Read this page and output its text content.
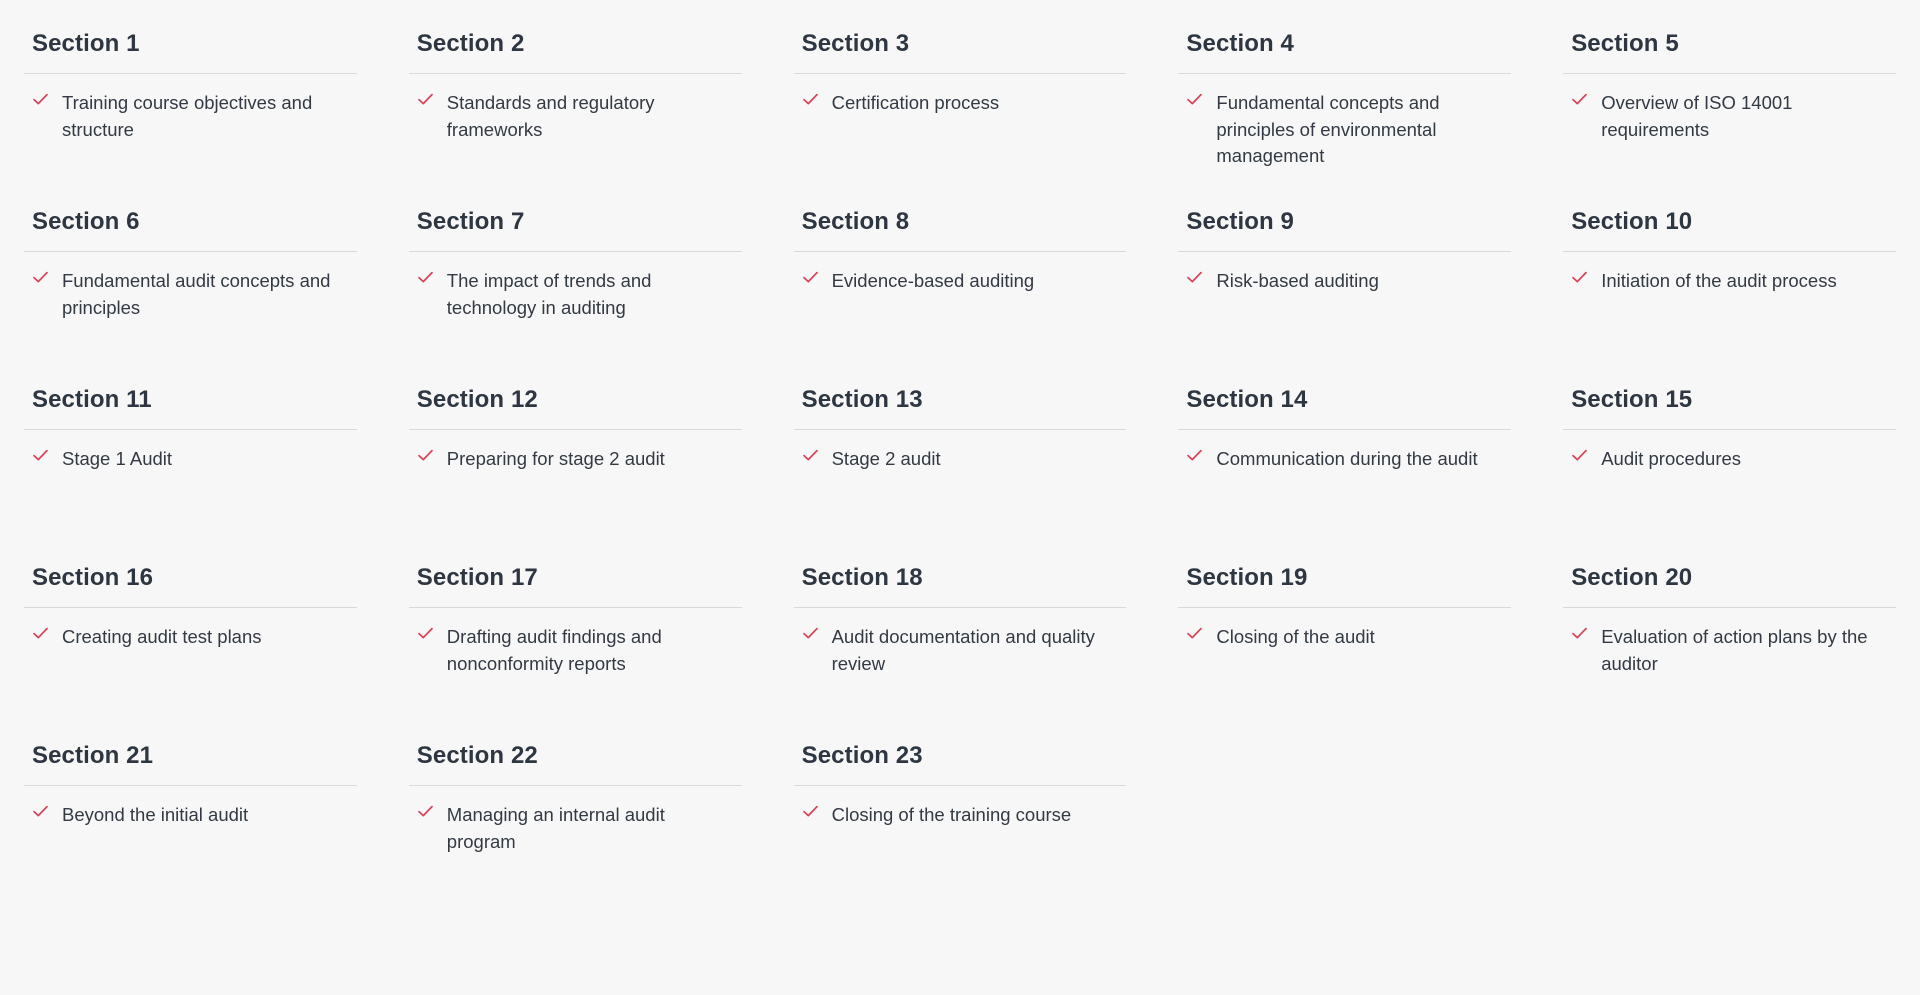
Section 1
Training course objectives and structure
Section 2
Standards and regulatory frameworks
Section 3
Certification process
Section 4
Fundamental concepts and principles of environmental management
Section 5
Overview of ISO 14001 requirements
Section 6
Fundamental audit concepts and principles
Section 7
The impact of trends and technology in auditing
Section 8
Evidence-based auditing
Section 9
Risk-based auditing
Section 10
Initiation of the audit process
Section 11
Stage 1 Audit
Section 12
Preparing for stage 2 audit
Section 13
Stage 2 audit
Section 14
Communication during the audit
Section 15
Audit procedures
Section 16
Creating audit test plans
Section 17
Drafting audit findings and nonconformity reports
Section 18
Audit documentation and quality review
Section 19
Closing of the audit
Section 20
Evaluation of action plans by the auditor
Section 21
Beyond the initial audit
Section 22
Managing an internal audit program
Section 23
Closing of the training course
